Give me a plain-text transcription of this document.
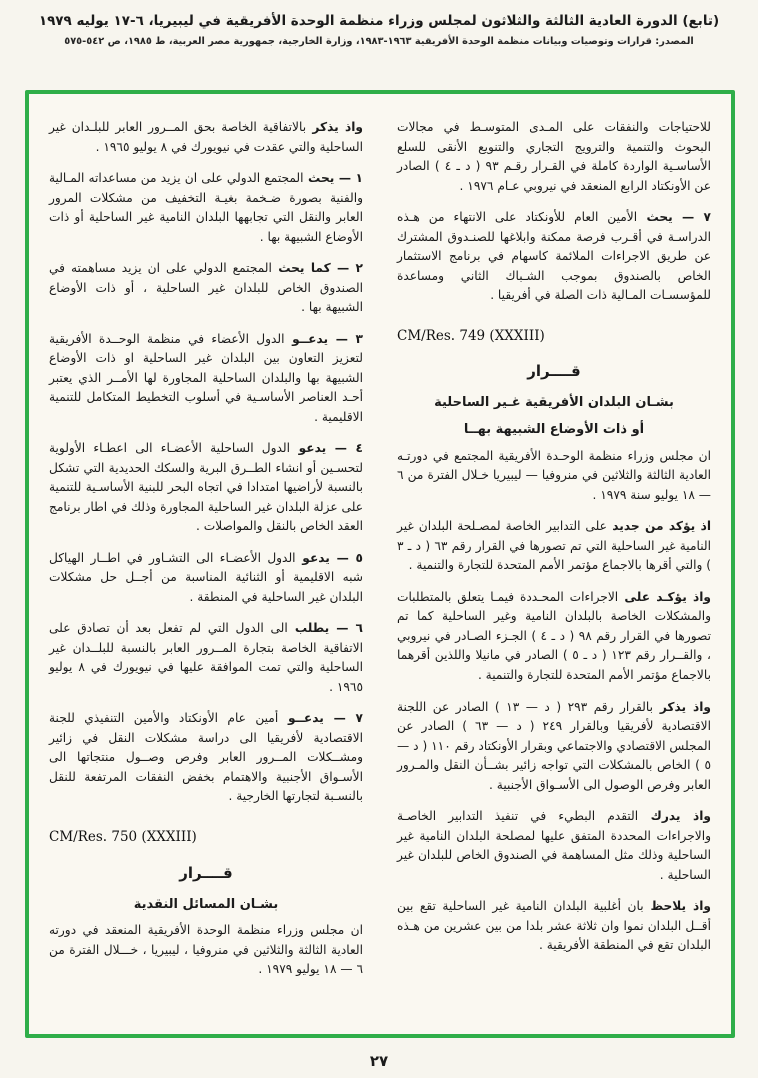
(تابع) الدورة العادية الثالثة والثلاثون لمجلس وزراء منظمة الوحدة الأفريقية في ليبيريا، ٦-١٧ يوليه ١٩٧٩
المصدر: قرارات وتوصيات وبيانات منظمة الوحدة الأفريقية ١٩٦٣-١٩٨٣، وزارة الخارجية، جمهورية مصر العربية، ط ١٩٨٥، ص ٥٤٢-٥٧٥

للاحتياجات والنفقات على المـدى المتوسـط في مجالات البحوث والتنمية والترويج التجاري والتنويع الأنقى للسلع الأساسـية الواردة كاملة في القـرار رقـم ٩٣ ( د ـ ٤ ) الصادر عن الأونكتاد الرابع المنعقد في نيروبي عـام ١٩٧٦ .

٧ — يحث الأمين العام للأونكتاد على الانتهاء من هـذه الدراسـة في أقـرب فرصة ممكنة وابلاغها للصنـدوق المشترك عن طريق الاجراءات الملائمة كاسهام في برنامج الاستثمار الخاص بالصندوق بموجب الشـباك الثاني ومساعدة للمؤسسـات المـالية ذات الصلة في أفريقيا .

CM/Res. 749 (XXXIII)

قــــرار

بشـان البلدان الأفريقية غـير الساحلية

أو ذات الأوضاع الشبيهة بهــا

ان مجلس وزراء منظمة الوحـدة الأفريقية المجتمع في دورتـه العادية الثالثة والثلاثين في منروفيا — ليبيريا خـلال الفترة من ٦ — ١٨ يوليو سنة ١٩٧٩ .

اذ يؤكد من جديد على التدابير الخاصة لمصـلحة البلدان غير النامية غير الساحلية التي تم تصورها في القرار رقم ٦٣ ( د ـ ٣ ) والتي أقرها بالاجماع مؤتمر الأمم المتحدة للتجارة والتنمية .

واذ يؤكـد على الاجراءات المحـددة فيمـا يتعلق بالمتطلبات والمشكلات الخاصة بالبلدان النامية وغير الساحلية كما تم تصورها في القرار رقم ٩٨ ( د ـ ٤ ) الجـزء الصـادر في نيروبي ، والقــرار رقم ١٢٣ ( د ـ ٥ ) الصادر في مانيلا واللذين أقرهما بالاجماع مؤتمر الأمم المتحدة للتجارة والتنمية .

واذ يذكر بالقرار رقم ٢٩٣ ( د — ١٣ ) الصادر عن اللجنة الاقتصادية لأفريقيا وبالقرار ٢٤٩ ( د — ٦٣ ) الصادر عن المجلس الاقتصادي والاجتماعي وبقرار الأونكتاد رقم ١١٠ ( د — ٥ ) الخاص بالمشكلات التي تواجه زائير بشــأن النقل والمـرور العابر وفرص الوصول الى الأسـواق الأجنبية .

واذ يدرك التقدم البطيء في تنفيذ التدابير الخاصـة والاجراءات المحددة المتفق عليها لمصلحة البلدان النامية غير الساحلية وذلك مثل المساهمة في الصندوق الخاص للبلدان غير الساحلية .

واذ يلاحظ بان أغلبية البلدان النامية غير الساحلية تقع بين أقــل البلدان نموا وان ثلاثة عشر بلدا من بين عشرين من هـذه البلدان تقع في المنطقة الأفريقية .

واذ يذكر بالاتفاقية الخاصة بحق المــرور العابر للبلـدان غير الساحلية والتي عقدت في نيويورك في ٨ يوليو ١٩٦٥ .

١ — يحث المجتمع الدولي على ان يزيد من مساعداته المـالية والفنية بصورة ضـخمة بغيـة التخفيف من مشكلات المرور العابر والنقل التي تجابهها البلدان النامية غير الساحلية أو ذات الأوضاع الشبيهة بها .

٢ — كما يحث المجتمع الدولي على ان يزيد مساهمته في الصندوق الخاص للبلدان غير الساحلية ، أو ذات الأوضاع الشبيهة بها .

٣ — يدعــو الدول الأعضاء في منظمة الوحــدة الأفريقية لتعزيز التعاون بين البلدان غير الساحلية او ذات الأوضاع الشبيهة بها والبلدان الساحلية المجاورة لها الأمــر الذي يعتبر أحـد العناصر الأساسـية في أسلوب التخطيط المتكامل للتنمية الاقليمية .

٤ — يدعو الدول الساحلية الأعضـاء الى اعطـاء الأولوية لتحسـين أو انشاء الطــرق البرية والسكك الحديدية التي تشكل بالنسبة لأراضيها امتدادا في اتجاه البحر للبنية الأساسـية للتنمية على عزلة البلدان غير الساحلية المجاورة وذلك في اطار برنامج العقد الخاص بالنقل والمواصلات .

٥ — يدعو الدول الأعضـاء الى التشـاور في اطــار الهياكل شبه الاقليمية أو الثنائية المناسبة من أجــل حل مشكلات البلدان غير الساحلية في المنطقة .

٦ — يطلب الى الدول التي لم تفعل بعد أن تصادق على الاتفاقية الخاصة بتجارة المــرور العابر بالنسبة للبلــدان غير الساحلية والتي تمت الموافقة عليها في نيويورك في ٨ يوليو ١٩٦٥ .

٧ — يدعــو أمين عام الأونكتاد والأمين التنفيذي للجنة الاقتصادية لأفريقيا الى دراسة مشكلات النقل في زائير ومشــكلات المــرور العابر وفرص وصــول منتجاتها الى الأسـواق الأجنبية والاهتمام بخفض النفقات المرتفعة للنقل بالنسـبة لتجارتها الخارجية .

CM/Res. 750 (XXXIII)

قــــرار

بشـان المسائل النقدية

ان مجلس وزراء منظمة الوحدة الأفريقية المنعقد في دورته العادية الثالثة والثلاثين في منروفيا ، ليبيريا ، خـــلال الفترة من ٦ — ١٨ يوليو ١٩٧٩ .

٢٧
